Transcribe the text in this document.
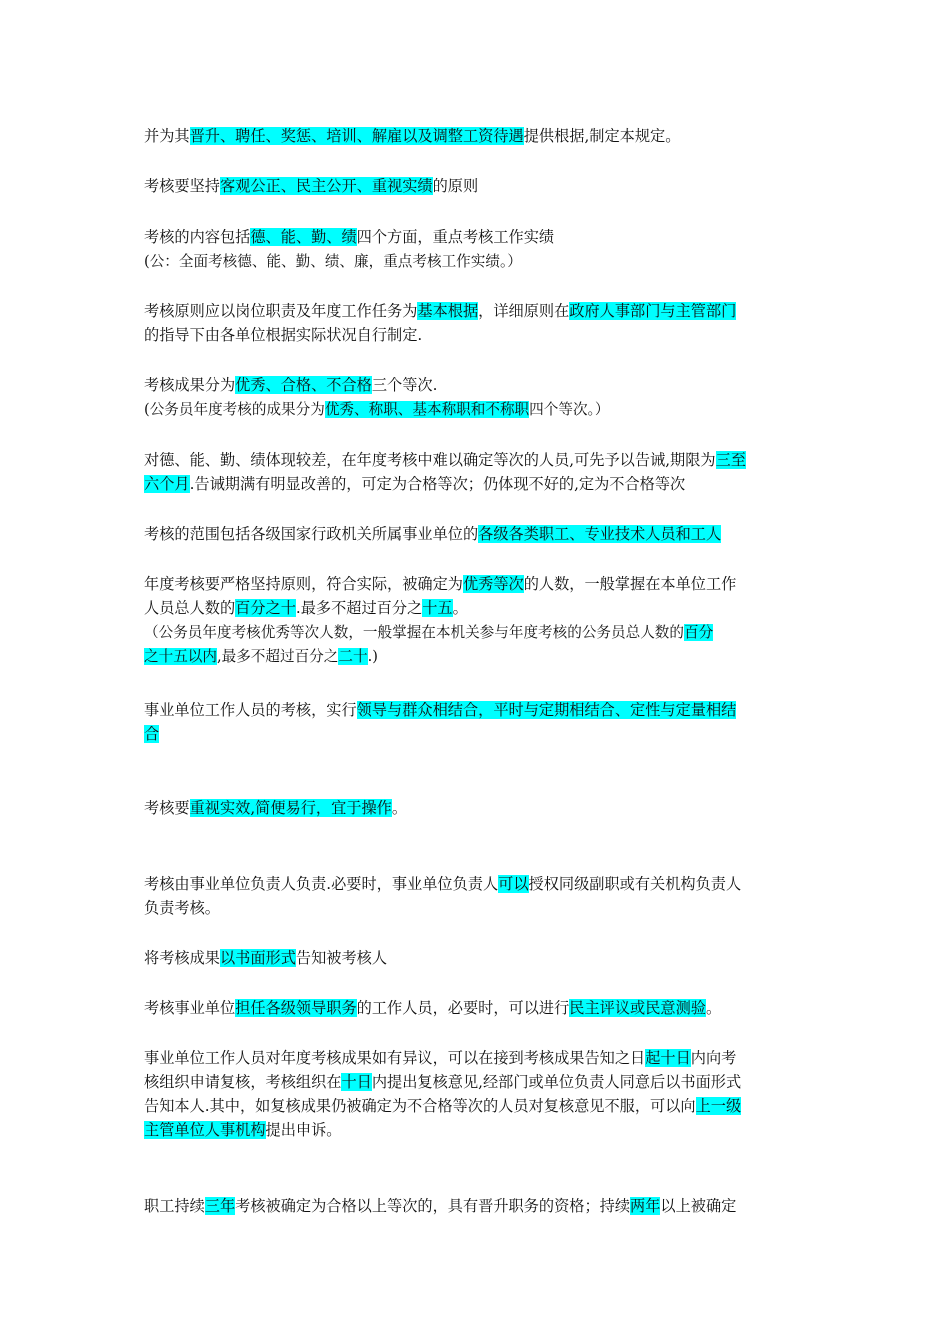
并为其晋升、聘任、奖惩、培训、解雇以及调整工资待遇提供根据,制定本规定。
考核要坚持客观公正、民主公开、重视实绩的原则
考核的内容包括德、能、勤、绩四个方面，重点考核工作实绩
(公：全面考核德、能、勤、绩、廉，重点考核工作实绩。）
考核原则应以岗位职责及年度工作任务为基本根据，详细原则在政府人事部门与主管部门
的指导下由各单位根据实际状况自行制定.
考核成果分为优秀、合格、不合格三个等次.
(公务员年度考核的成果分为优秀、称职、基本称职和不称职四个等次。）
对德、能、勤、绩体现较差，在年度考核中难以确定等次的人员,可先予以告诫,期限为三至
六个月.告诫期满有明显改善的，可定为合格等次；仍体现不好的,定为不合格等次
考核的范围包括各级国家行政机关所属事业单位的各级各类职工、专业技术人员和工人
年度考核要严格坚持原则，符合实际，被确定为优秀等次的人数，一般掌握在本单位工作
人员总人数的百分之十.最多不超过百分之十五。
（公务员年度考核优秀等次人数，一般掌握在本机关参与年度考核的公务员总人数的百分
之十五以内,最多不超过百分之二十.)
事业单位工作人员的考核，实行领导与群众相结合，平时与定期相结合、定性与定量相结
合
考核要重视实效,简便易行，宜于操作。
考核由事业单位负责人负责.必要时，事业单位负责人可以授权同级副职或有关机构负责人
负责考核。
将考核成果以书面形式告知被考核人
考核事业单位担任各级领导职务的工作人员，必要时，可以进行民主评议或民意测验。
事业单位工作人员对年度考核成果如有异议，可以在接到考核成果告知之日起十日内向考
核组织申请复核，考核组织在十日内提出复核意见,经部门或单位负责人同意后以书面形式
告知本人.其中，如复核成果仍被确定为不合格等次的人员对复核意见不服，可以向上一级
主管单位人事机构提出申诉。
职工持续三年考核被确定为合格以上等次的，具有晋升职务的资格；持续两年以上被确定
